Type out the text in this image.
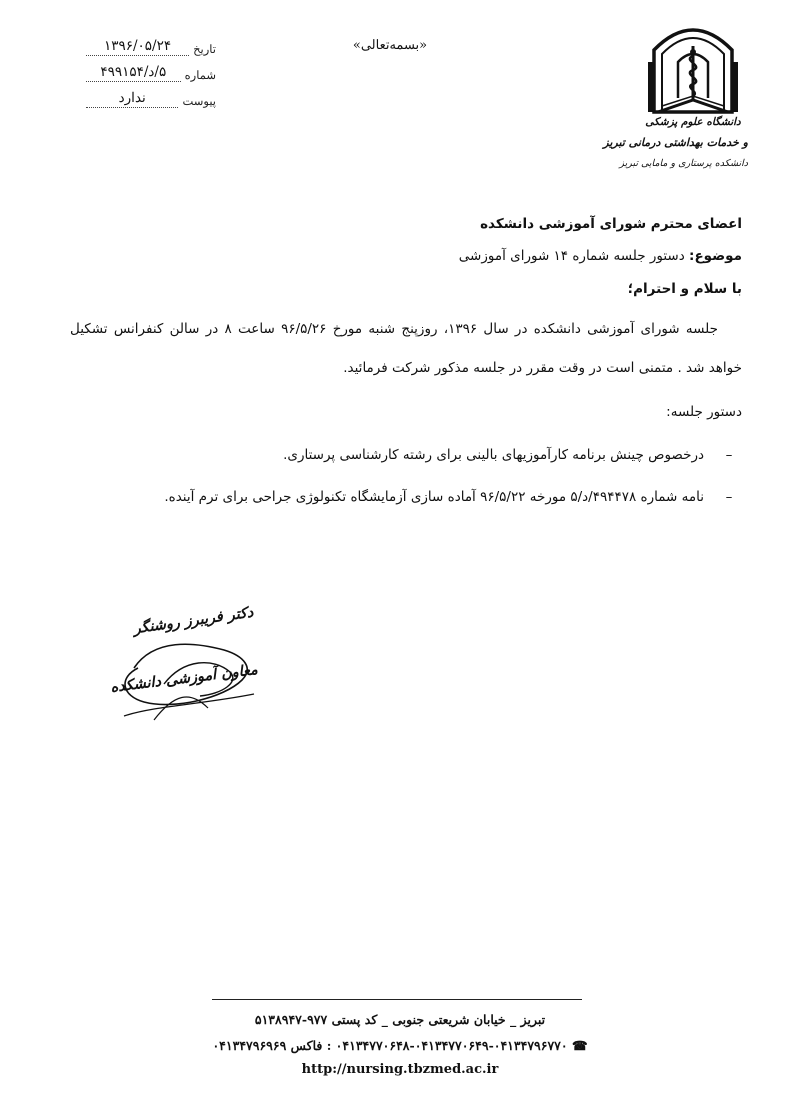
تاریخ
۱۳۹۶/۰۵/۲۴
شماره
۵/د/۴۹۹۱۵۴
پیوست
ندارد
«بسمه‌تعالی»
دانشگاه علوم پزشکی
و خدمات بهداشتی درمانی تبریز
دانشکده پرستاری و مامایی تبریز
اعضای محترم شورای آموزشی دانشکده
موضوع: دستور جلسه شماره ۱۴ شورای آموزشی
با سلام و احترام؛
جلسه شورای آموزشی دانشکده در سال ۱۳۹۶، روزپنج شنبه مورخ ۹۶/۵/۲۶ ساعت ۸ در سالن کنفرانس تشکیل خواهد شد . متمنی است در وقت مقرر در جلسه مذکور شرکت فرمائید.
دستور جلسه:
–
درخصوص چینش برنامه کارآموزیهای بالینی برای رشته کارشناسی پرستاری.
–
نامه شماره ۴۹۴۴۷۸/د/۵ مورخه ۹۶/۵/۲۲ آماده سازی آزمایشگاه تکنولوژی جراحی برای ترم آینده.
دکتر فریبرز روشنگر
معاون آموزشی دانشکده
تبریز _ خیابان شریعتی جنوبی _ کد پستی ۹۷۷-۵۱۳۸۹۴۷
☎ ۰۴۱۳۴۷۷۰۶۴۸-۰۴۱۳۴۷۷۰۶۴۹-۰۴۱۳۴۷۹۶۷۷۰ : فاکس ۰۴۱۳۴۷۹۶۹۶۹
http://nursing.tbzmed.ac.ir
